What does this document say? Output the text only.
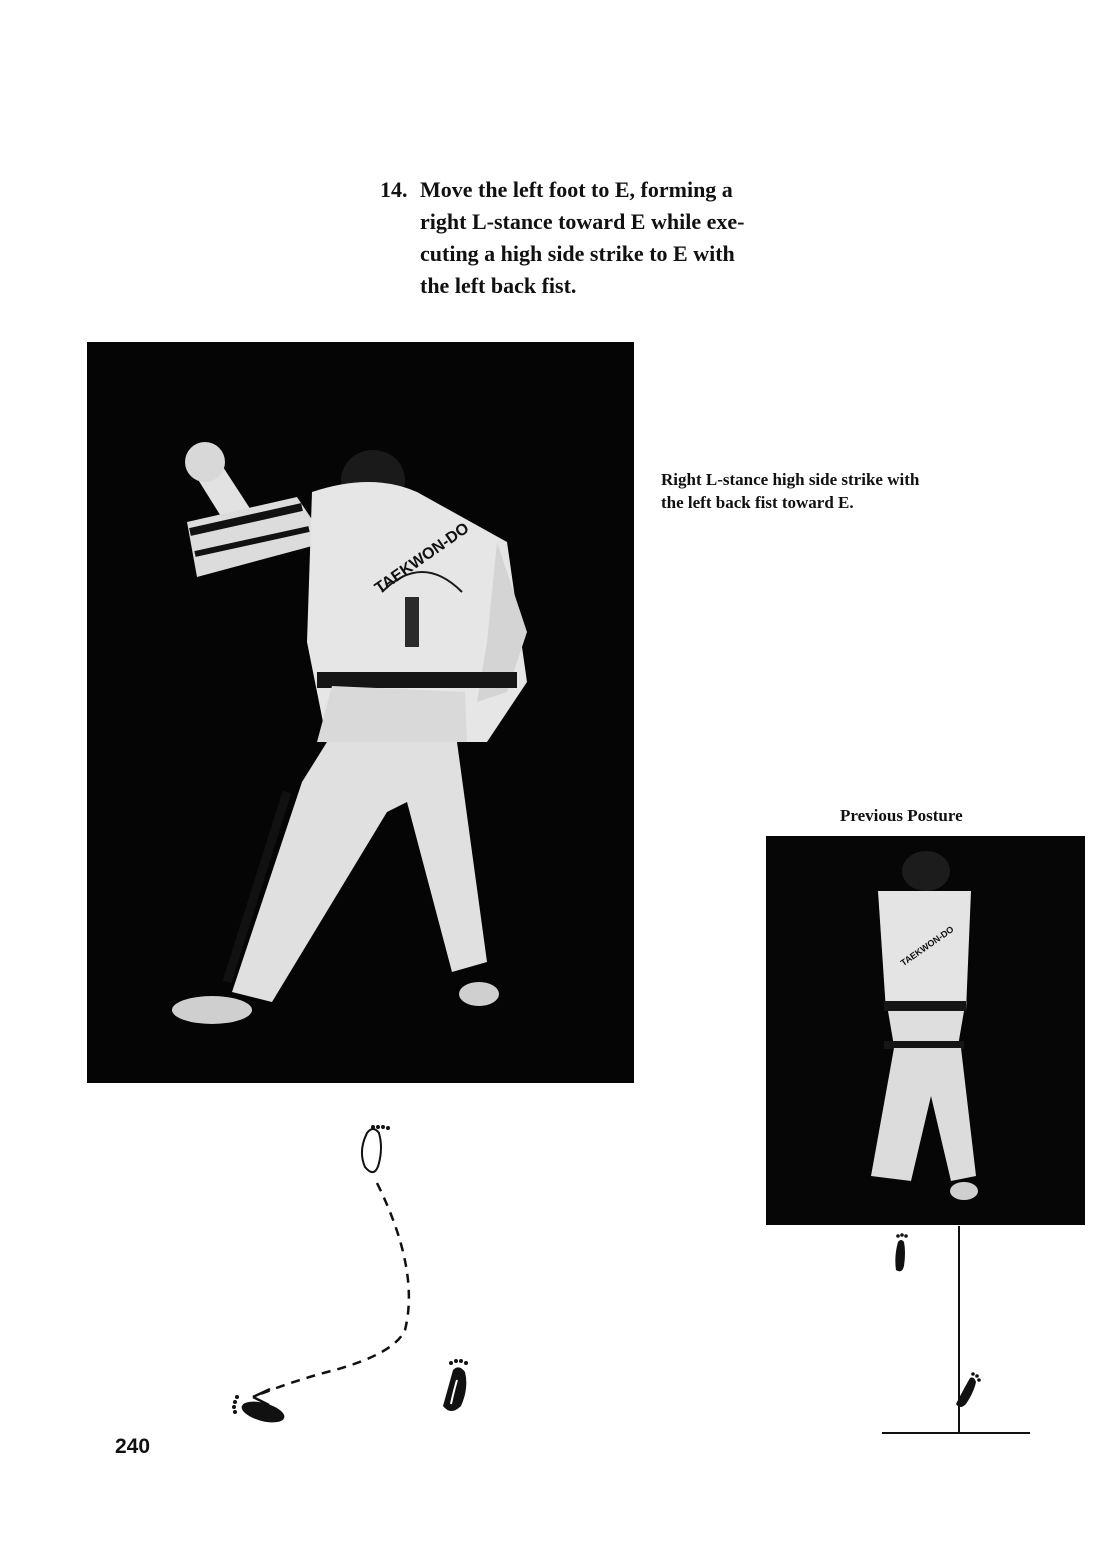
14. Move the left foot to E, forming a
right L-stance toward E while exe-
cuting a high side strike to E with
the left back fist.
TAEKWON-DO
Right L-stance high side strike with
the left back fist toward E.
Previous Posture
TAEKWON-DO
240
